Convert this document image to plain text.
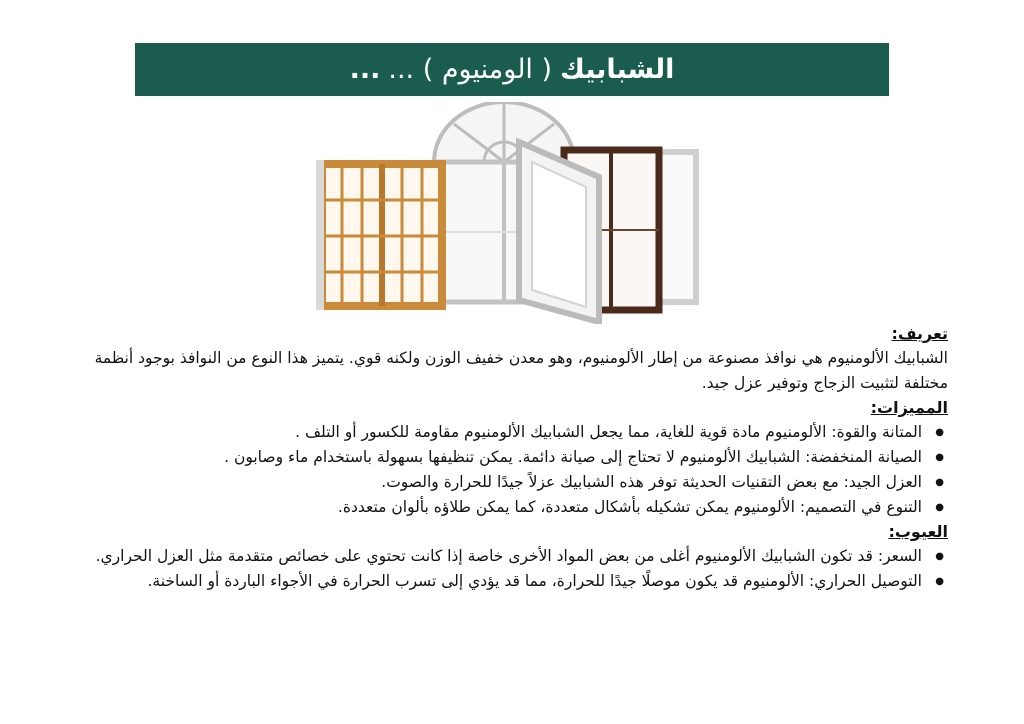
الشبابيك
( الومنيوم ) ...
...
تعريف:

الشبابيك الألومنيوم هي نوافذ مصنوعة من إطار الألومنيوم، وهو معدن خفيف الوزن ولكنه قوي. يتميز هذا النوع من النوافذ بوجود أنظمة مختلفة لتثبيت الزجاج وتوفير عزل جيد.

المميزات:
● المتانة والقوة: الألومنيوم مادة قوية للغاية، مما يجعل الشبابيك الألومنيوم مقاومة للكسور أو التلف .
● الصيانة المنخفضة: الشبابيك الألومنيوم لا تحتاج إلى صيانة دائمة. يمكن تنظيفها بسهولة باستخدام ماء وصابون .
● العزل الجيد: مع بعض التقنيات الحديثة توفر هذه الشبابيك عزلاً جيدًا للحرارة والصوت.
● التنوع في التصميم: الألومنيوم يمكن تشكيله بأشكال متعددة، كما يمكن طلاؤه بألوان متعددة.
العيوب:
● السعر: قد تكون الشبابيك الألومنيوم أغلى من بعض المواد الأخرى خاصة إذا كانت تحتوي على خصائص متقدمة مثل العزل الحراري.
● التوصيل الحراري: الألومنيوم قد يكون موصلًا جيدًا للحرارة، مما قد يؤدي إلى تسرب الحرارة في الأجواء الباردة أو الساخنة.
